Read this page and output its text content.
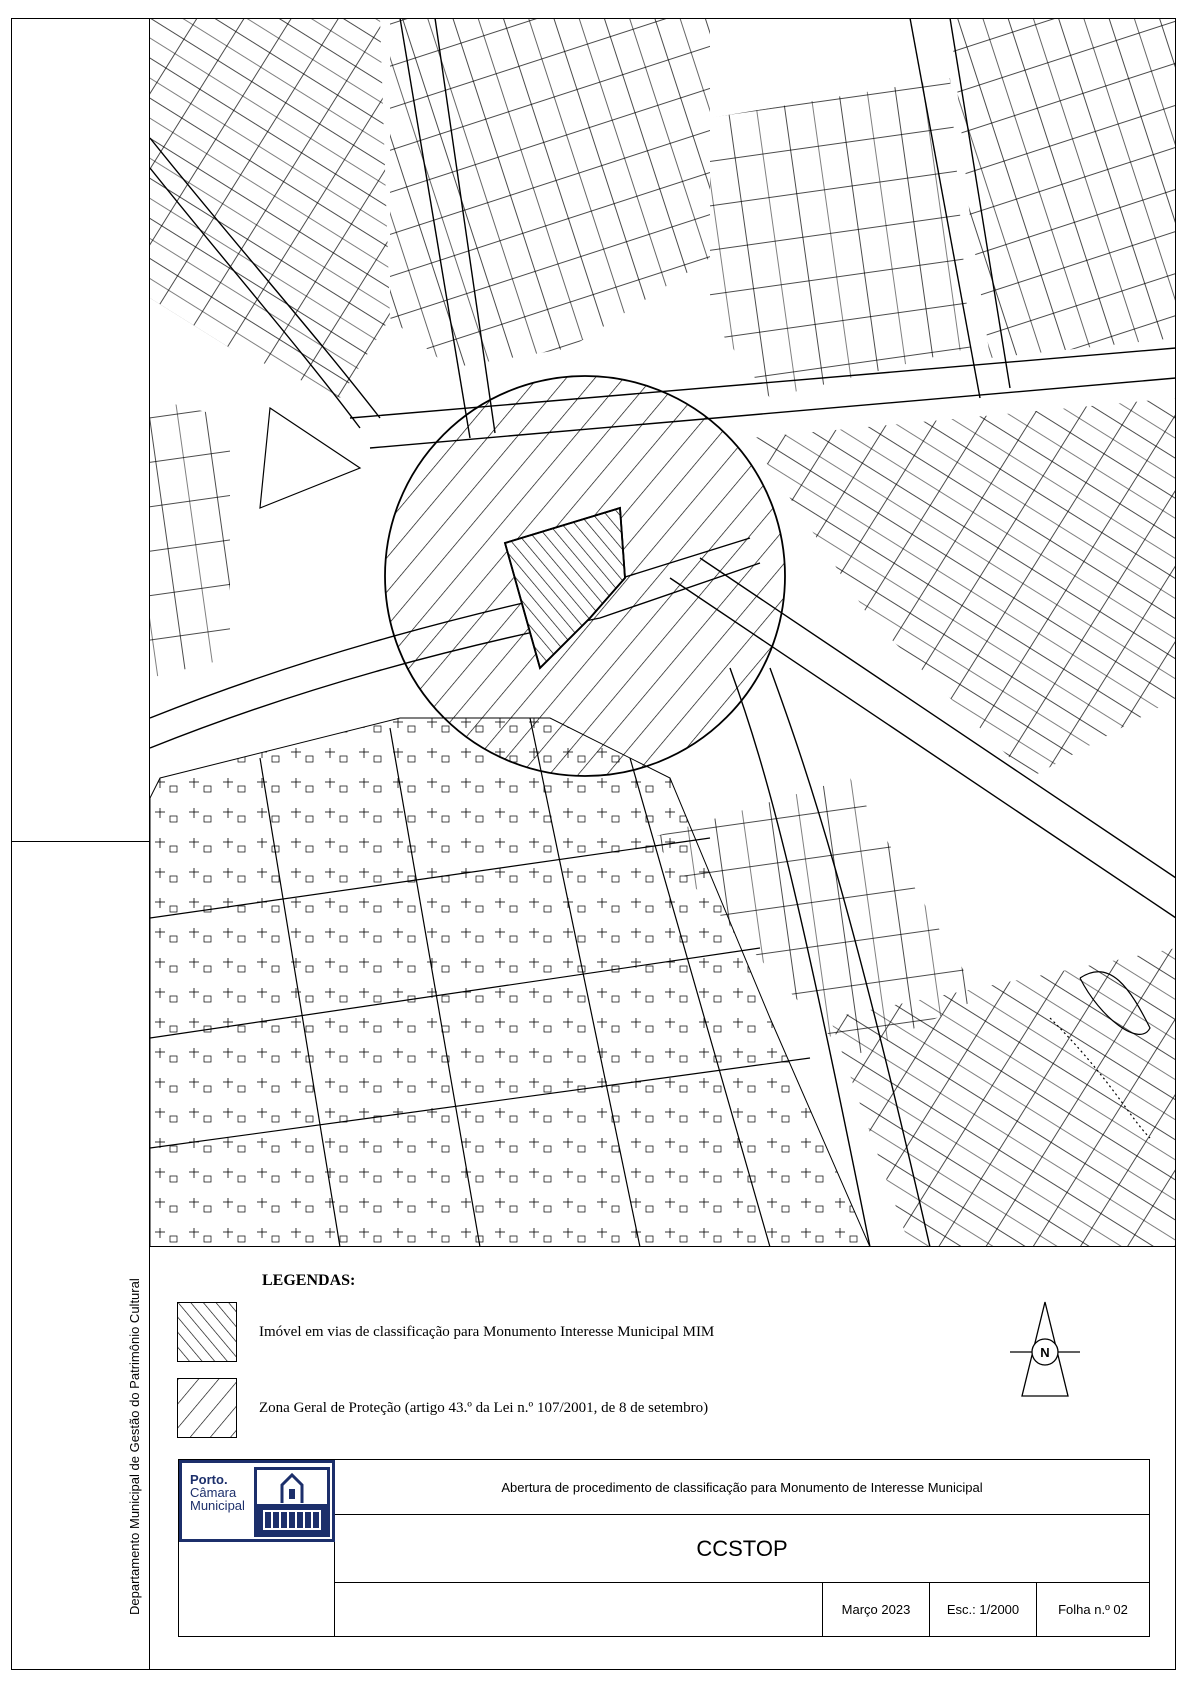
Departamento Municipal de Gestão do Patrimônio Cultural	LEGENDAS:
Imóvel em vias de classificação para Monumento Interesse Municipal MIM
Zona Geral de Proteção (artigo 43.º da Lei n.º 107/2001, de 8 de setembro)
N
Porto.
Câmara
Municipal
Abertura de procedimento de classificação para Monumento de Interesse Municipal
CCSTOP
Março 2023	Esc.: 1/2000	Folha n.º 02
